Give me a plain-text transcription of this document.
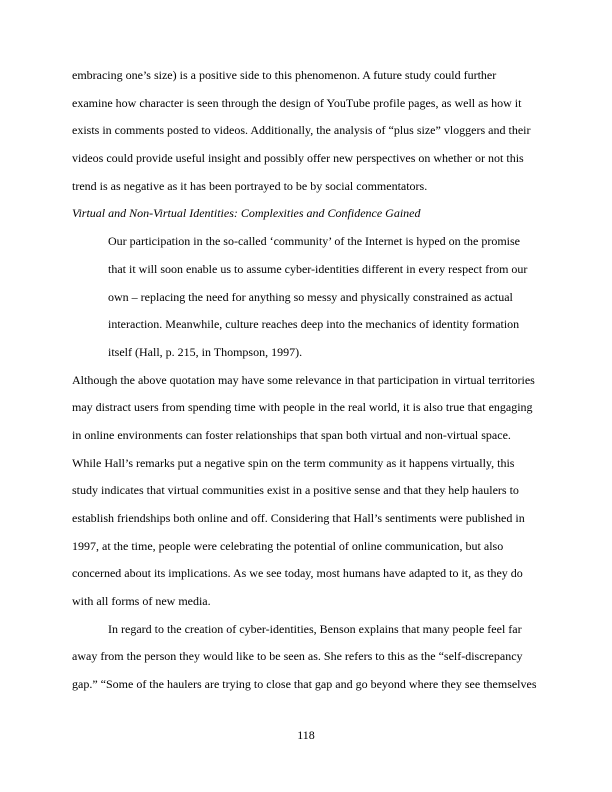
embracing one’s size) is a positive side to this phenomenon. A future study could further
examine how character is seen through the design of YouTube profile pages, as well as how it
exists in comments posted to videos. Additionally, the analysis of “plus size” vloggers and their
videos could provide useful insight and possibly offer new perspectives on whether or not this
trend is as negative as it has been portrayed to be by social commentators.
Virtual and Non-Virtual Identities: Complexities and Confidence Gained
Our participation in the so-called ‘community’ of the Internet is hyped on the promise
that it will soon enable us to assume cyber-identities different in every respect from our
own – replacing the need for anything so messy and physically constrained as actual
interaction. Meanwhile, culture reaches deep into the mechanics of identity formation
itself (Hall, p. 215, in Thompson, 1997).
Although the above quotation may have some relevance in that participation in virtual territories
may distract users from spending time with people in the real world, it is also true that engaging
in online environments can foster relationships that span both virtual and non-virtual space.
While Hall’s remarks put a negative spin on the term community as it happens virtually, this
study indicates that virtual communities exist in a positive sense and that they help haulers to
establish friendships both online and off. Considering that Hall’s sentiments were published in
1997, at the time, people were celebrating the potential of online communication, but also
concerned about its implications. As we see today, most humans have adapted to it, as they do
with all forms of new media.
In regard to the creation of cyber-identities, Benson explains that many people feel far
away from the person they would like to be seen as. She refers to this as the “self-discrepancy
gap.” “Some of the haulers are trying to close that gap and go beyond where they see themselves
118
